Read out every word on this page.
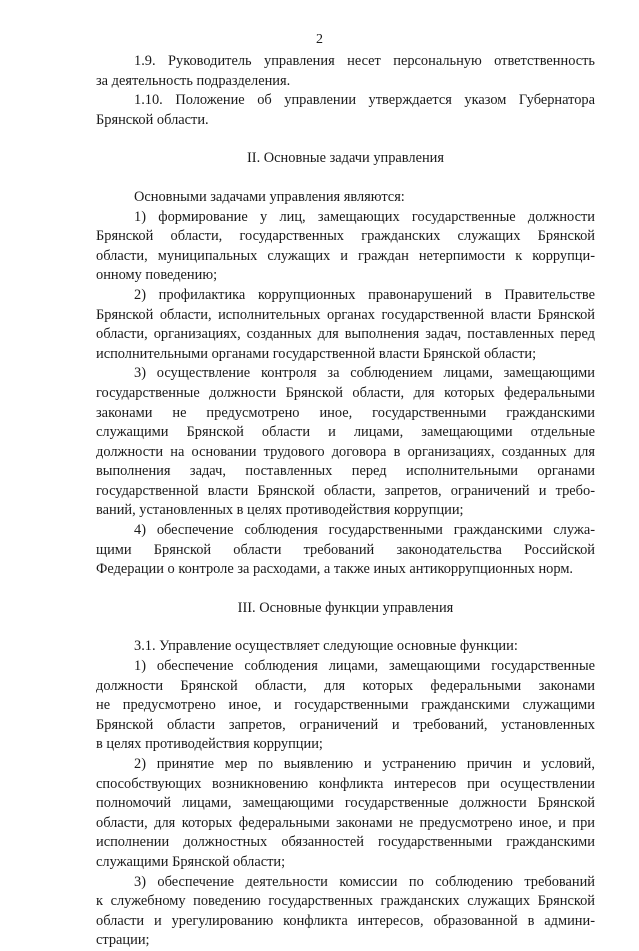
2
1.9. Руководитель управления несет персональную ответственность
за деятельность подразделения.
1.10. Положение об управлении утверждается указом Губернатора
Брянской области.
II. Основные задачи управления
Основными задачами управления являются:
1) формирование у лиц, замещающих государственные должности
Брянской области, государственных гражданских служащих Брянской
области, муниципальных служащих и граждан нетерпимости к коррупци-
онному поведению;
2) профилактика коррупционных правонарушений в Правительстве
Брянской области, исполнительных органах государственной власти Брянской
области, организациях, созданных для выполнения задач, поставленных перед
исполнительными органами государственной власти Брянской области;
3) осуществление контроля за соблюдением лицами, замещающими
государственные должности Брянской области, для которых федеральными
законами не предусмотрено иное, государственными гражданскими
служащими Брянской области и лицами, замещающими отдельные
должности на основании трудового договора в организациях, созданных для
выполнения задач, поставленных перед исполнительными органами
государственной власти Брянской области, запретов, ограничений и требо-
ваний, установленных в целях противодействия коррупции;
4) обеспечение соблюдения государственными гражданскими служа-
щими Брянской области требований законодательства Российской
Федерации о контроле за расходами, а также иных антикоррупционных норм.
III. Основные функции управления
3.1. Управление осуществляет следующие основные функции:
1) обеспечение соблюдения лицами, замещающими государственные
должности Брянской области, для которых федеральными законами
не предусмотрено иное, и государственными гражданскими служащими
Брянской области запретов, ограничений и требований, установленных
в целях противодействия коррупции;
2) принятие мер по выявлению и устранению причин и условий,
способствующих возникновению конфликта интересов при осуществлении
полномочий лицами, замещающими государственные должности Брянской
области, для которых федеральными законами не предусмотрено иное, и при
исполнении должностных обязанностей государственными гражданскими
служащими Брянской области;
3) обеспечение деятельности комиссии по соблюдению требований
к служебному поведению государственных гражданских служащих Брянской
области и урегулированию конфликта интересов, образованной в админи-
страции;
